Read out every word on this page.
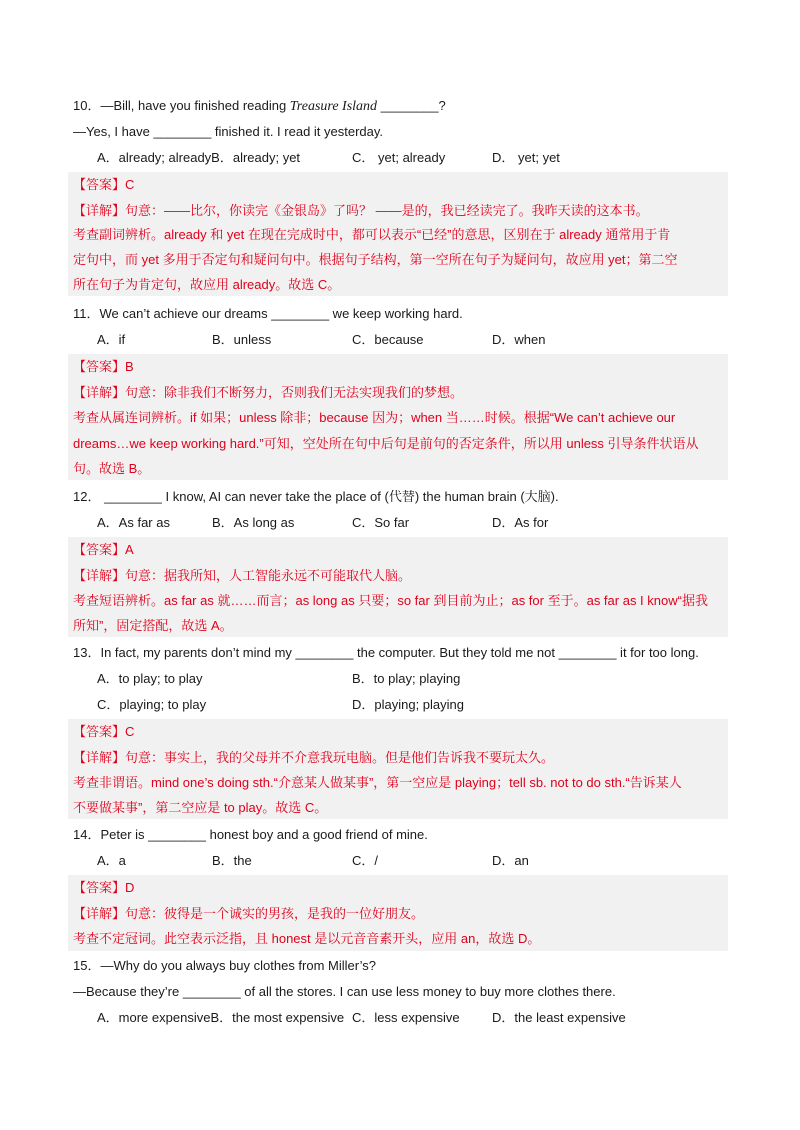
10．—Bill, have you finished reading Treasure Island ________?
—Yes, I have ________ finished it. I read it yesterday.
A．already; alreadyB．already; yet	C． yet; already	D． yet; yet
【答案】C
【详解】句意：——比尔，你读完《金银岛》了吗？ ——是的，我已经读完了。我昨天读的这本书。
考查副词辨析。already 和 yet 在现在完成时中，都可以表示“已经”的意思，区别在于 already 通常用于肯
定句中，而 yet 多用于否定句和疑问句中。根据句子结构，第一空所在句子为疑问句，故应用 yet；第二空
所在句子为肯定句，故应用 already。故选 C。
11．We can’t achieve our dreams ________ we keep working hard.
A．if	B．unless	C．because	D．when
【答案】B
【详解】句意：除非我们不断努力，否则我们无法实现我们的梦想。
考查从属连词辨析。if 如果；unless 除非；because 因为；when 当……时候。根据“We can’t achieve our
dreams…we keep working hard.”可知，空处所在句中后句是前句的否定条件，所以用 unless 引导条件状语从
句。故选 B。
12． ________ I know, AI can never take the place of (代替) the human brain (大脑).
A．As far as	B．As long as	C．So far	D．As for
【答案】A
【详解】句意：据我所知，人工智能永远不可能取代人脑。
考查短语辨析。as far as 就……而言；as long as 只要；so far 到目前为止；as for 至于。as far as I know“据我
所知”，固定搭配，故选 A。
13．In fact, my parents don’t mind my ________ the computer. But they told me not ________ it for too long.
A．to play; to play	B．to play; playing
C．playing; to play	D．playing; playing
【答案】C
【详解】句意：事实上，我的父母并不介意我玩电脑。但是他们告诉我不要玩太久。
考查非谓语。mind one’s doing sth.“介意某人做某事”，第一空应是 playing；tell sb. not to do sth.“告诉某人
不要做某事”，第二空应是 to play。故选 C。
14．Peter is ________ honest boy and a good friend of mine.
A．a	B．the	C．/	D．an
【答案】D
【详解】句意：彼得是一个诚实的男孩，是我的一位好朋友。
考查不定冠词。此空表示泛指，且 honest 是以元音音素开头，应用 an，故选 D。
15．—Why do you always buy clothes from Miller’s?
—Because they’re ________ of all the stores. I can use less money to buy more clothes there.
A．more expensiveB．the most expensive C．less expensive D．the least expensive
